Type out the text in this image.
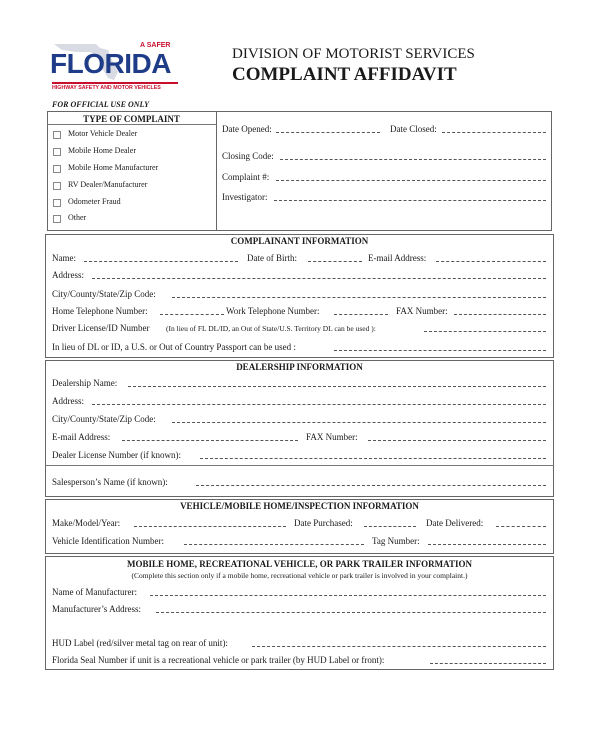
A SAFER
FLORIDA
HIGHWAY SAFETY AND MOTOR VEHICLES
DIVISION OF MOTORIST SERVICES
COMPLAINT AFFIDAVIT
FOR OFFICIAL USE ONLY
TYPE OF COMPLAINT
Motor Vehicle Dealer
Mobile Home Dealer
Mobile Home Manufacturer
RV Dealer/Manufacturer
Odometer Fraud
Other
Date Opened:	Date Closed:
Closing Code:
Complaint #:
Investigator:
COMPLAINANT INFORMATION
Name:	Date of Birth:	E-mail Address:
Address:
City/County/State/Zip Code:
Home Telephone Number:	Work Telephone Number:	FAX Number:
Driver License/ID Number (In lieu of FL DL/ID, an Out of State/U.S. Territory DL can be used ):
In lieu of DL or ID, a U.S. or Out of Country Passport can be used :
DEALERSHIP INFORMATION
Dealership Name:
Address:
City/County/State/Zip Code:
E-mail Address:	FAX Number:
Dealer License Number (if known):
Salesperson’s Name (if known):
VEHICLE/MOBILE HOME/INSPECTION INFORMATION
Make/Model/Year:	Date Purchased:	Date Delivered:
Vehicle Identification Number:	Tag Number:
MOBILE HOME, RECREATIONAL VEHICLE, OR PARK TRAILER INFORMATION
(Complete this section only if a mobile home, recreational vehicle or park trailer is involved in your complaint.)
Name of Manufacturer:
Manufacturer’s Address:
HUD Label (red/silver metal tag on rear of unit):
Florida Seal Number if unit is a recreational vehicle or park trailer (by HUD Label or front):
